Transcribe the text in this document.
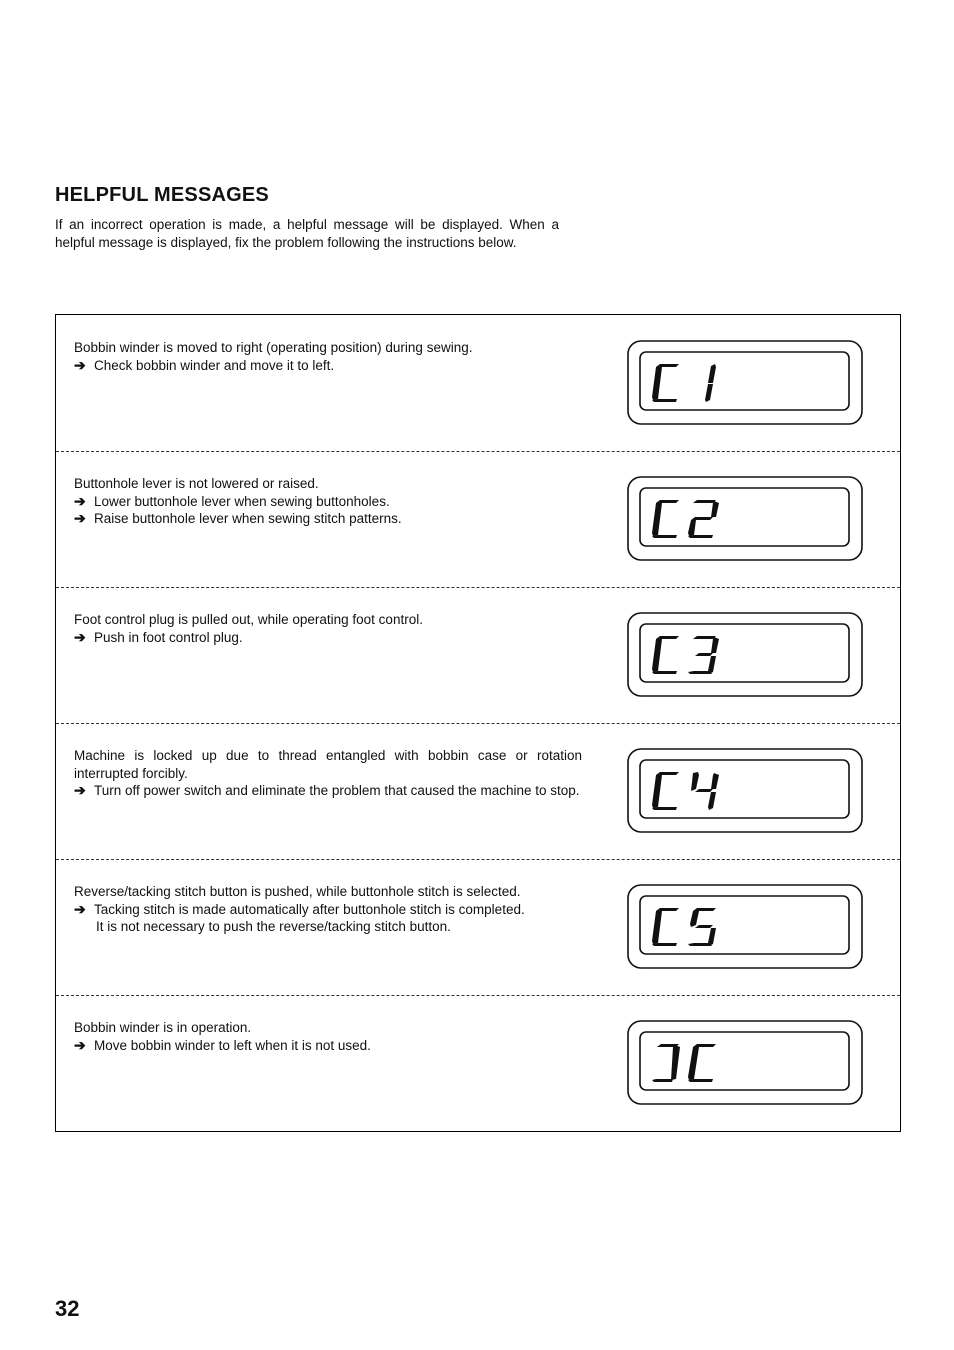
HELPFUL MESSAGES

If an incorrect operation is made, a helpful message will be displayed. When a helpful message is displayed, fix the problem following the instructions below.

Bobbin winder is moved to right (operating position) during sewing.

➔ Check bobbin winder and move it to left.

Buttonhole lever is not lowered or raised.

➔ Lower buttonhole lever when sewing buttonholes.
➔ Raise buttonhole lever when sewing stitch patterns.

Foot control plug is pulled out, while operating foot control.

➔ Push in foot control plug.

Machine is locked up due to thread entangled with bobbin case or rotation interrupted forcibly.

➔ Turn off power switch and eliminate the problem that caused the machine to stop.

Reverse/tacking stitch button is pushed, while buttonhole stitch is selected.

➔ Tacking stitch is made automatically after buttonhole stitch is completed.
It is not necessary to push the reverse/tacking stitch button.

Bobbin winder is in operation.

➔ Move bobbin winder to left when it is not used.

32
